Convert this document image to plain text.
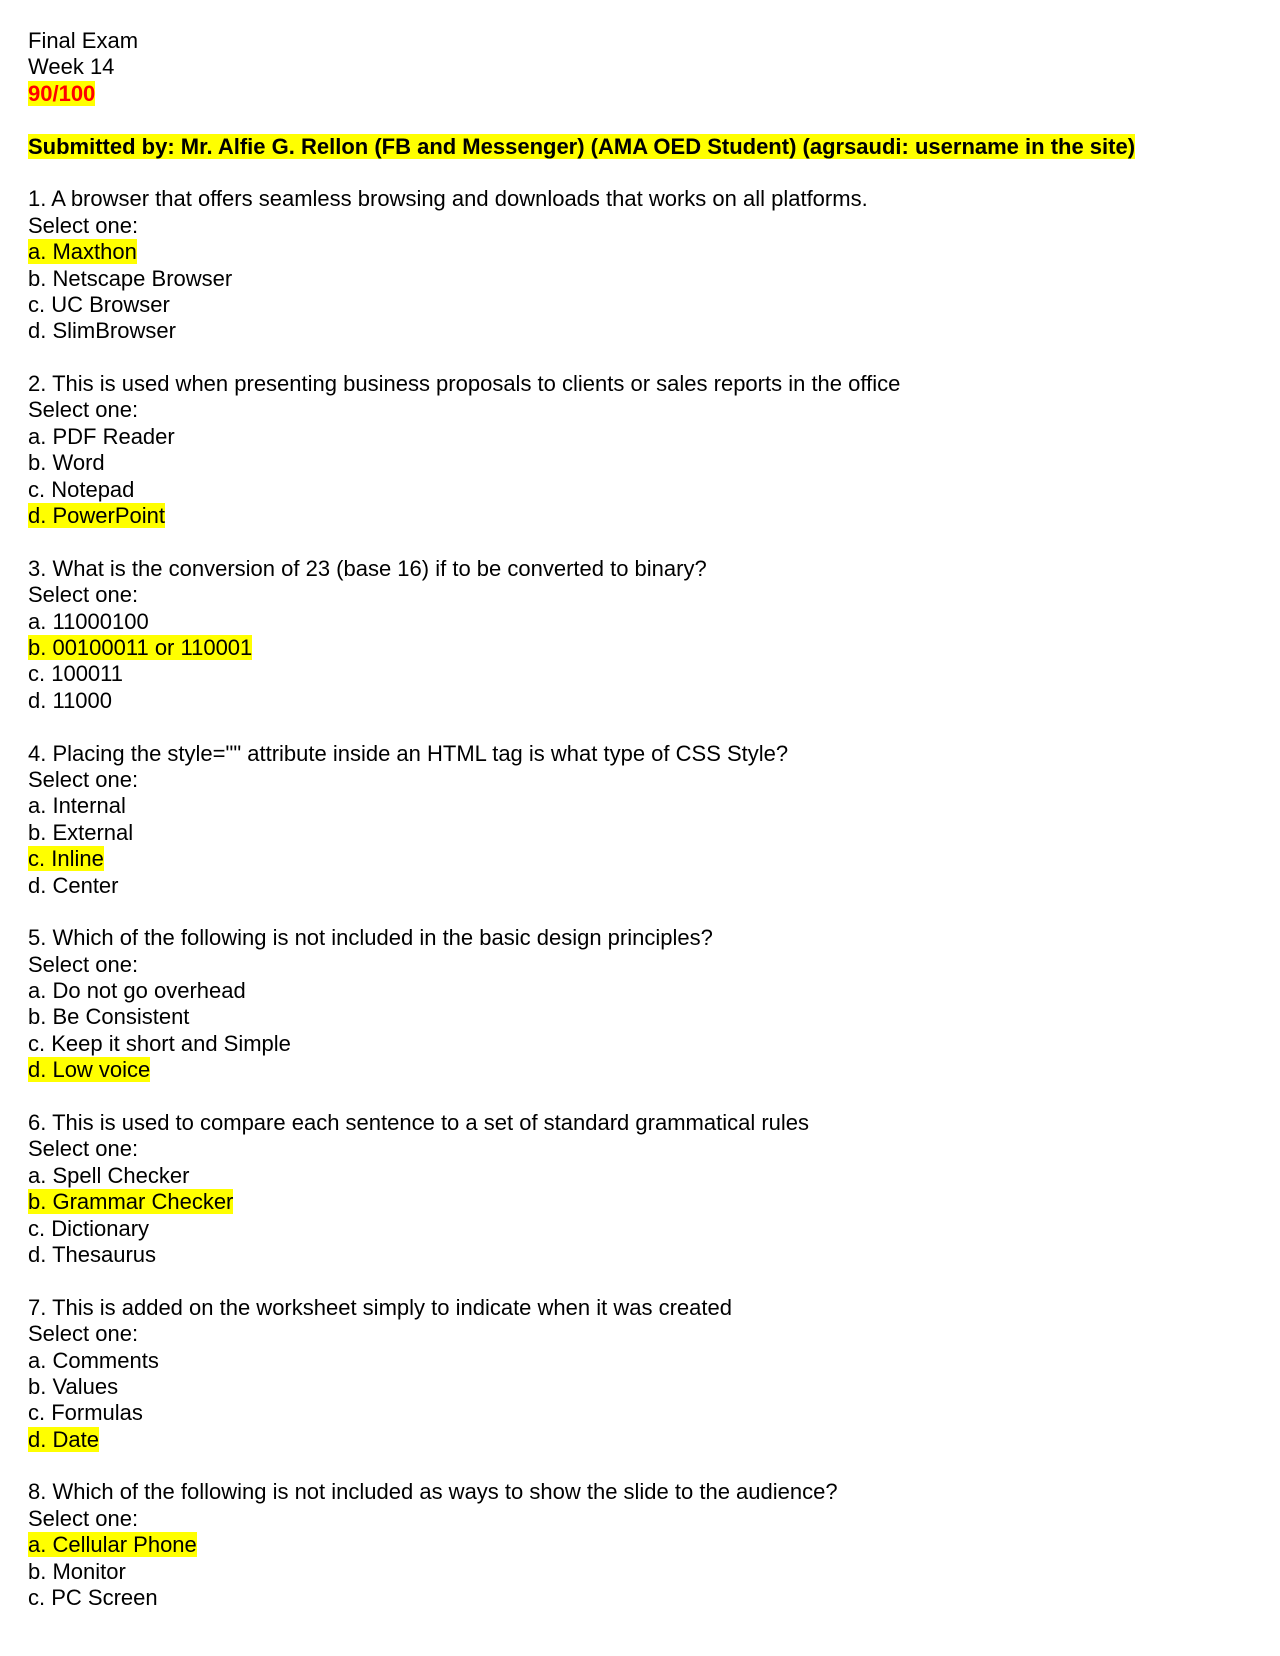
Final Exam
Week 14
90/100
Submitted by: Mr. Alfie G. Rellon (FB and Messenger) (AMA OED Student) (agrsaudi: username in the site)
1. A browser that offers seamless browsing and downloads that works on all platforms.
Select one:
a. Maxthon
b. Netscape Browser
c. UC Browser
d. SlimBrowser
2. This is used when presenting business proposals to clients or sales reports in the office
Select one:
a. PDF Reader
b. Word
c. Notepad
d. PowerPoint
3. What is the conversion of 23 (base 16) if to be converted to binary?
Select one:
a. 11000100
b. 00100011 or 110001
c. 100011
d. 11000
4. Placing the style="" attribute inside an HTML tag is what type of CSS Style?
Select one:
a. Internal
b. External
c. Inline
d. Center
5. Which of the following is not included in the basic design principles?
Select one:
a. Do not go overhead
b. Be Consistent
c. Keep it short and Simple
d. Low voice
6. This is used to compare each sentence to a set of standard grammatical rules
Select one:
a. Spell Checker
b. Grammar Checker
c. Dictionary
d. Thesaurus
7. This is added on the worksheet simply to indicate when it was created
Select one:
a. Comments
b. Values
c. Formulas
d. Date
8. Which of the following is not included as ways to show the slide to the audience?
Select one:
a. Cellular Phone
b. Monitor
c. PC Screen
